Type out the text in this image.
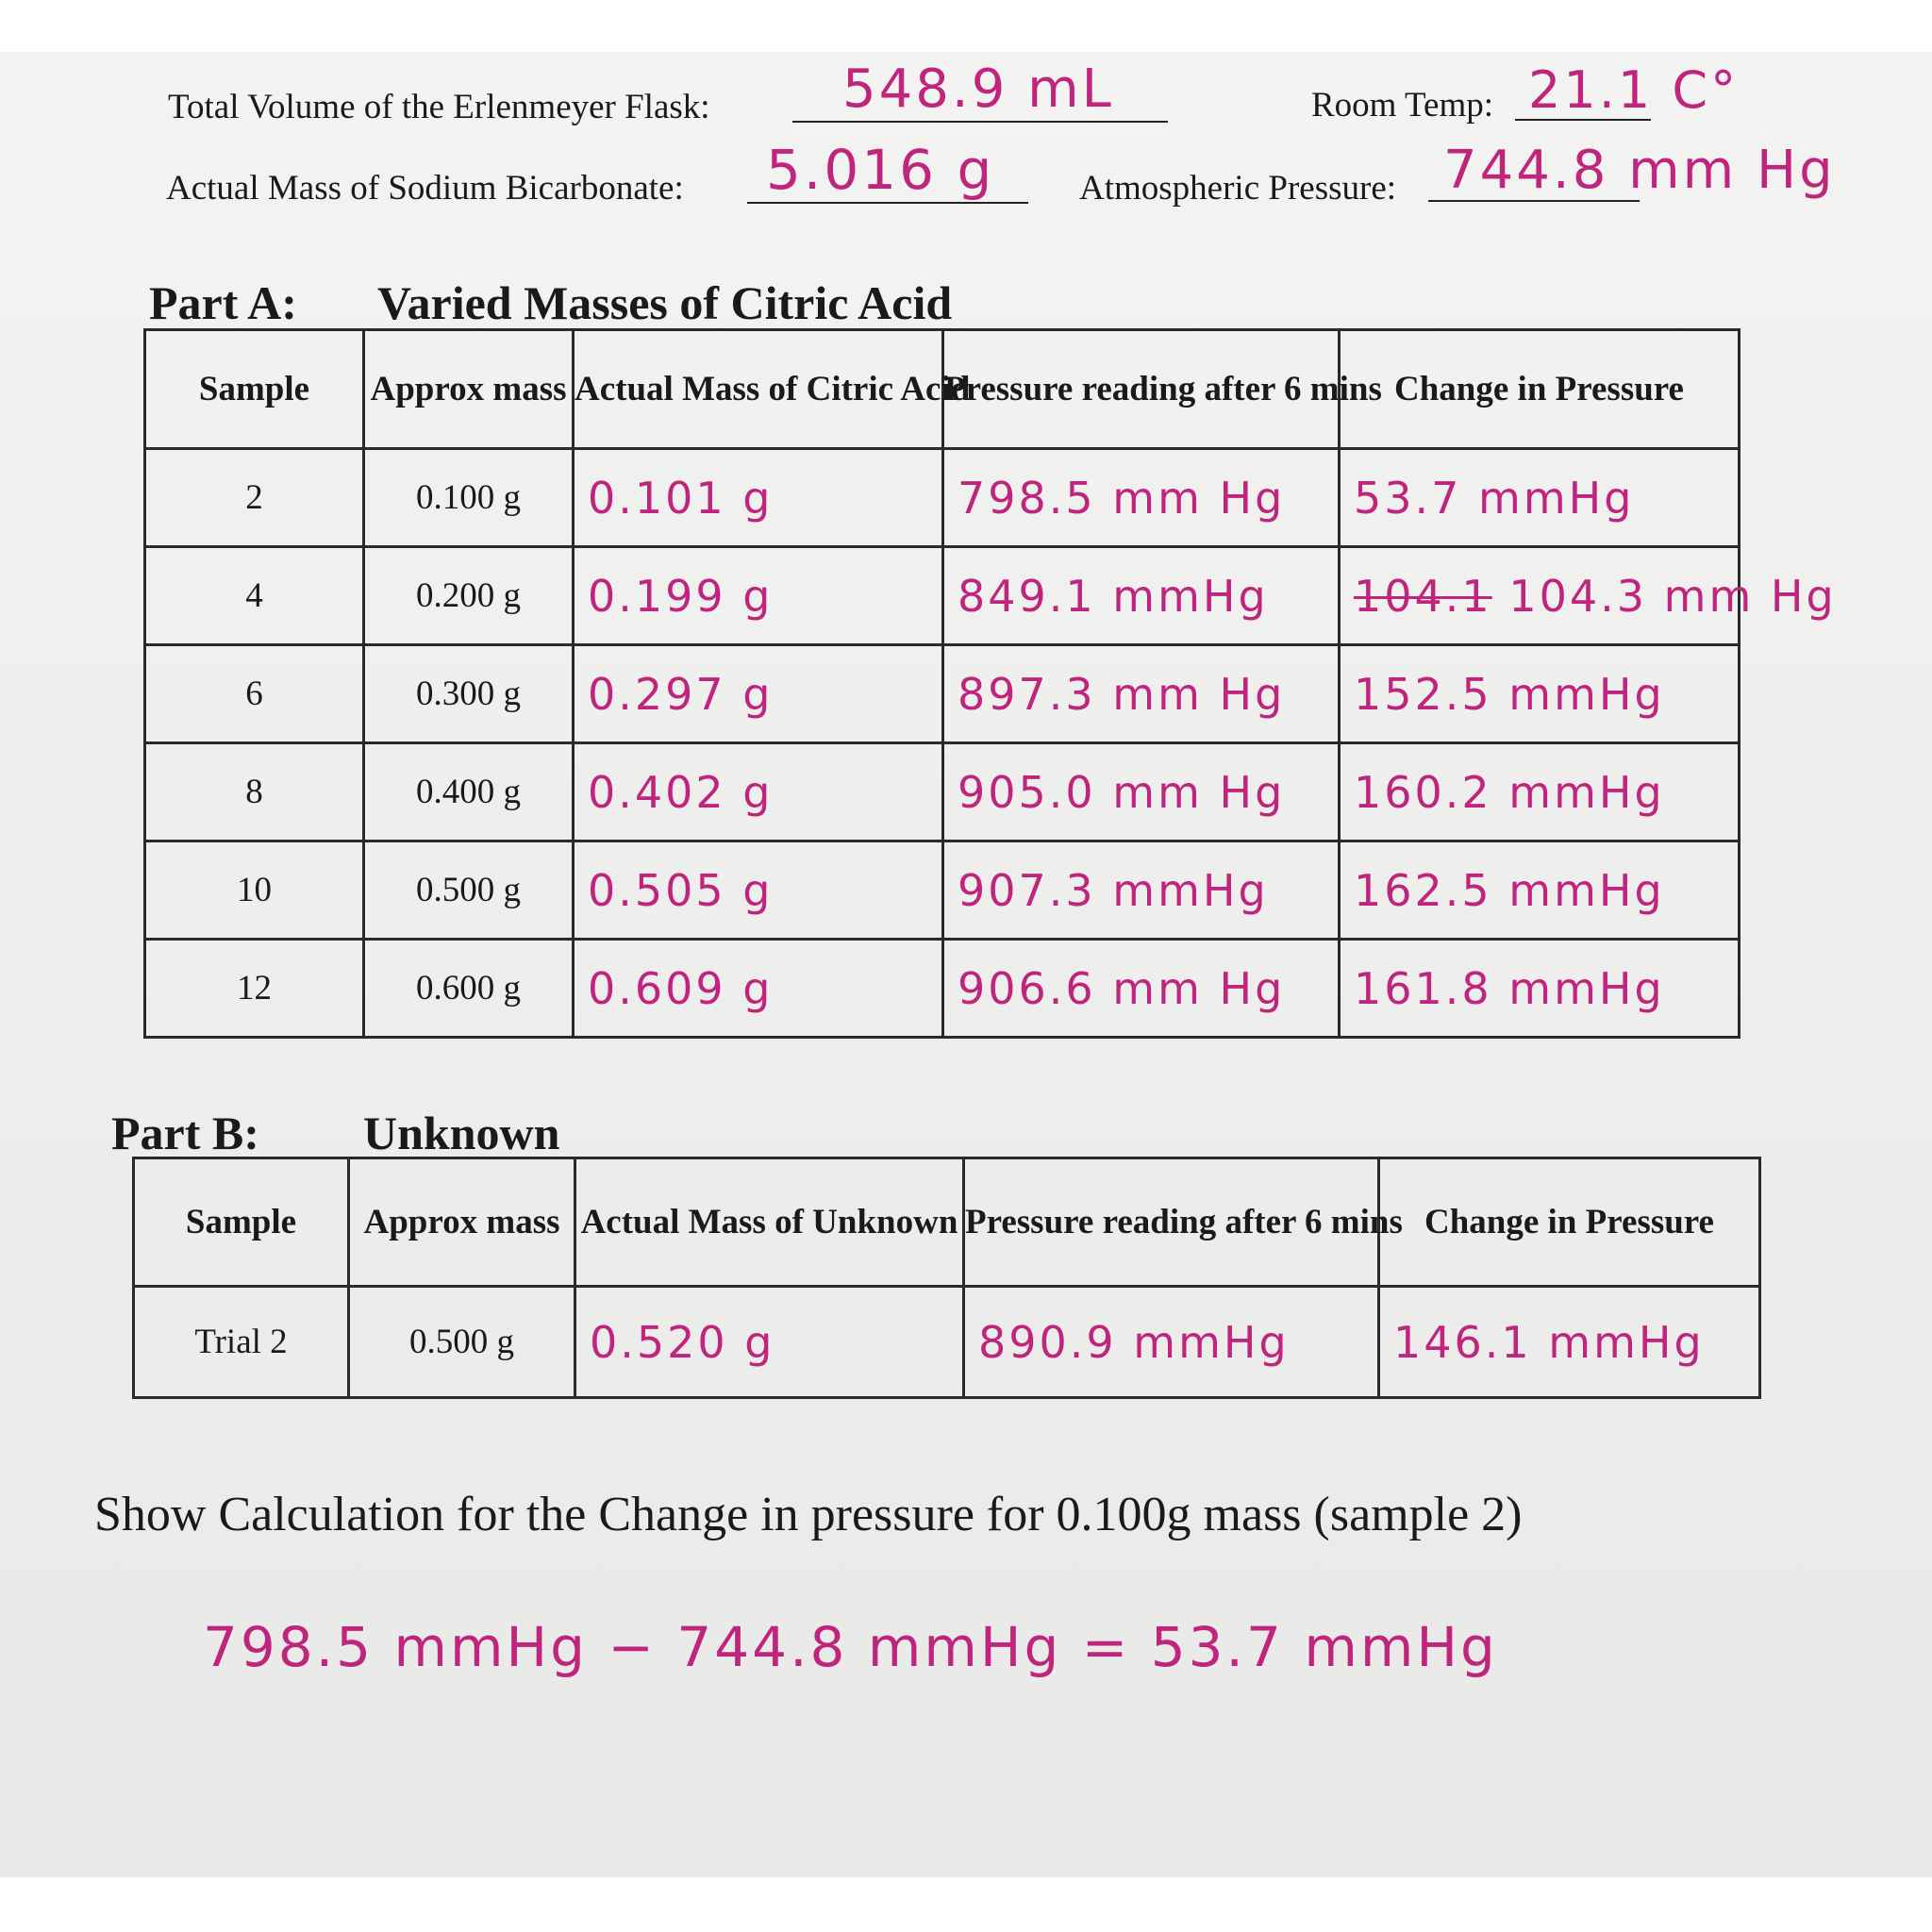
Total Volume of the Erlenmeyer Flask:	548.9 mL	Room Temp: 21.1 C°
Actual Mass of Sodium Bicarbonate: 5.016 g Atmospheric Pressure: 744.8 mm Hg
Part A: Varied Masses of Citric Acid
Sample	Approx mass	Actual Mass of Citric Acid	Pressure reading after 6 mins	Change in Pressure
2	0.100 g	0.101 g	798.5 mm Hg	53.7 mmHg
4	0.200 g	0.199 g	849.1 mmHg	104.1 104.3 mm Hg
6	0.300 g	0.297 g	897.3 mm Hg	152.5 mmHg
8	0.400 g	0.402 g	905.0 mm Hg	160.2 mmHg
10	0.500 g	0.505 g	907.3 mmHg	162.5 mmHg
12	0.600 g	0.609 g	906.6 mm Hg	161.8 mmHg
Part B: Unknown
Sample	Approx mass	Actual Mass of Unknown	Pressure reading after 6 mins	Change in Pressure
Trial 2	0.500 g	0.520 g	890.9 mmHg	146.1 mmHg
Show Calculation for the Change in pressure for 0.100g mass (sample 2)
798.5 mmHg − 744.8 mmHg = 53.7 mmHg
